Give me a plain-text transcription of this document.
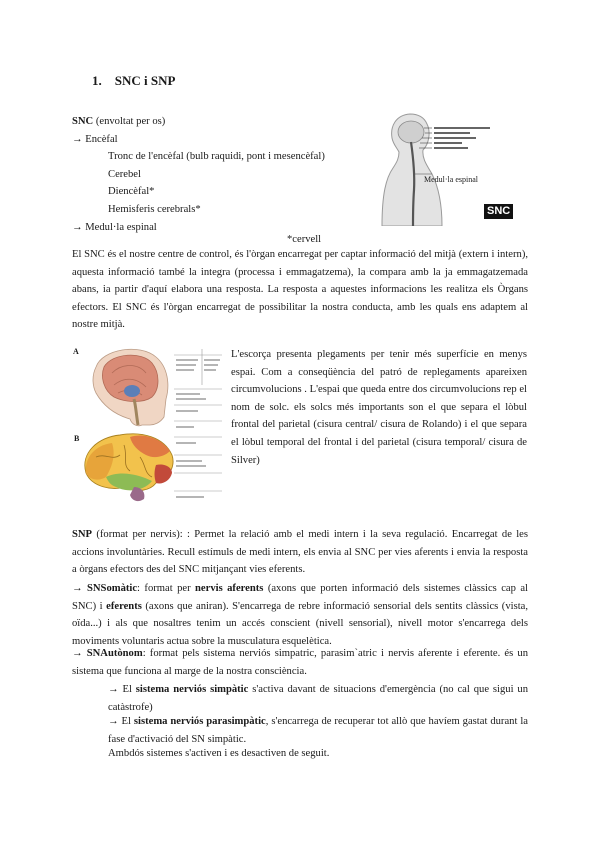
1. SNC i SNP
SNC (envoltat per os)
→ Encèfal
Tronc de l'encèfal (bulb raquidi, pont i mesencèfal)
Cerebel
Diencèfal*
Hemisferis cerebrals*
→ Medul·la espinal
Medul·la espinal
SNC
*cervell
El SNC és el nostre centre de control, és l'òrgan encarregat per captar informació del mitjà (extern i intern), aquesta informació també la integra (processa i emmagatzema), la compara amb la ja emmagatzemada abans, ia partir d'aquí elabora una resposta. La resposta a aquestes informacions les realitza els Òrgans efectors. El SNC és l'òrgan encarregat de possibilitar la nostra conducta, amb les quals ens adaptem al nostre mitjà.
A
B
L'escorça presenta plegaments per tenir més superfície en menys espai. Com a conseqüència del patró de replegaments apareixen circumvolucions . L'espai que queda entre dos circumvolucions rep el nom de solc. els solcs més importants son el que separa el lòbul frontal del parietal (cisura central/ cisura de Rolando) i el que separa el lòbul temporal del frontal i del parietal (cisura temporal/ cisura de Silver)
SNP (format per nervis): : Permet la relació amb el medi intern i la seva regulació. Encarregat de les accions involuntàries. Recull estímuls de medi intern, els envia al SNC per vies aferents i envia la resposta a òrgans efectors des del SNC mitjançant vies eferents.
→ SNSomàtic: format per nervis aferents (axons que porten informació dels sistemes clàssics cap al SNC) i eferents (axons que aniran). S'encarrega de rebre informació sensorial dels sentits clàssics (vista, oïda...) i als que nosaltres tenim un accés conscient (nivell sensorial), nivell motor s'encarrega dels moviments voluntaris actua sobre la musculatura esquelètica.
→ SNAutònom: format pels sistema nerviós simpatric, parasim`atric i nervis aferente i eferente. és un sistema que funciona al marge de la nostra consciència.
→ El sistema nerviós simpàtic s'activa davant de situacions d'emergència (no cal que sigui un catàstrofe)
→ El sistema nerviós parasimpàtic, s'encarrega de recuperar tot allò que havíem gastat durant la fase d'activació del SN simpàtic.
Ambdós sistemes s'activen i es desactiven de seguit.
